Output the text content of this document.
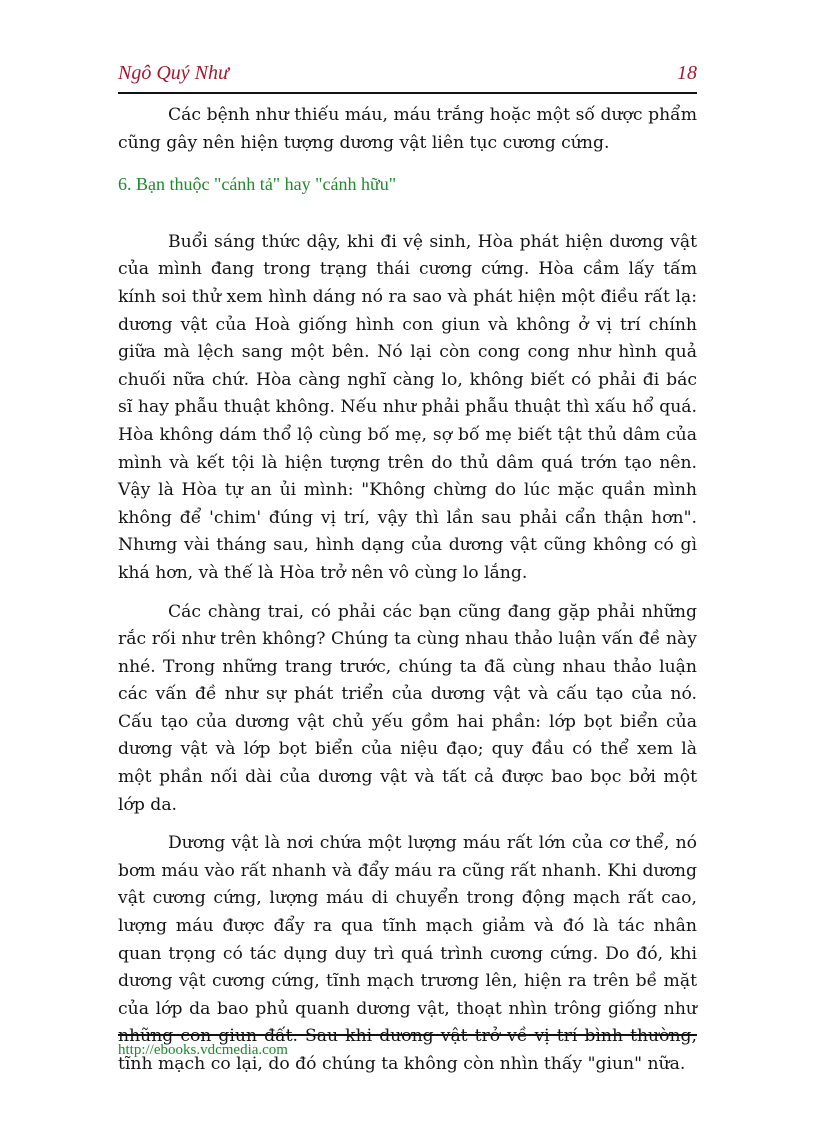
Ngô Quý Như	18

Các bệnh như thiếu máu, máu trắng hoặc một số dược phẩm cũng gây nên hiện tượng dương vật liên tục cương cứng.

6. Bạn thuộc "cánh tả" hay "cánh hữu"

Buổi sáng thức dậy, khi đi vệ sinh, Hòa phát hiện dương vật của mình đang trong trạng thái cương cứng. Hòa cầm lấy tấm kính soi thử xem hình dáng nó ra sao và phát hiện một điều rất lạ: dương vật của Hoà giống hình con giun và không ở vị trí chính giữa mà lệch sang một bên. Nó lại còn cong cong như hình quả chuối nữa chứ. Hòa càng nghĩ càng lo, không biết có phải đi bác sĩ hay phẫu thuật không. Nếu như phải phẫu thuật thì xấu hổ quá. Hòa không dám thổ lộ cùng bố mẹ, sợ bố mẹ biết tật thủ dâm của mình và kết tội là hiện tượng trên do thủ dâm quá trớn tạo nên. Vậy là Hòa tự an ủi mình: "Không chừng do lúc mặc quần mình không để 'chim' đúng vị trí, vậy thì lần sau phải cẩn thận hơn". Nhưng vài tháng sau, hình dạng của dương vật cũng không có gì khá hơn, và thế là Hòa trở nên vô cùng lo lắng.

Các chàng trai, có phải các bạn cũng đang gặp phải những rắc rối như trên không? Chúng ta cùng nhau thảo luận vấn đề này nhé. Trong những trang trước, chúng ta đã cùng nhau thảo luận các vấn đề như sự phát triển của dương vật và cấu tạo của nó. Cấu tạo của dương vật chủ yếu gồm hai phần: lớp bọt biển của dương vật và lớp bọt biển của niệu đạo; quy đầu có thể xem là một phần nối dài của dương vật và tất cả được bao bọc bởi một lớp da.

Dương vật là nơi chứa một lượng máu rất lớn của cơ thể, nó bơm máu vào rất nhanh và đẩy máu ra cũng rất nhanh. Khi dương vật cương cứng, lượng máu di chuyển trong động mạch rất cao, lượng máu được đẩy ra qua tĩnh mạch giảm và đó là tác nhân quan trọng có tác dụng duy trì quá trình cương cứng. Do đó, khi dương vật cương cứng, tĩnh mạch trương lên, hiện ra trên bề mặt của lớp da bao phủ quanh dương vật, thoạt nhìn trông giống như những con giun đất. Sau khi dương vật trở về vị trí bình thường, tĩnh mạch co lại, do đó chúng ta không còn nhìn thấy "giun" nữa.

http://ebooks.vdcmedia.com
